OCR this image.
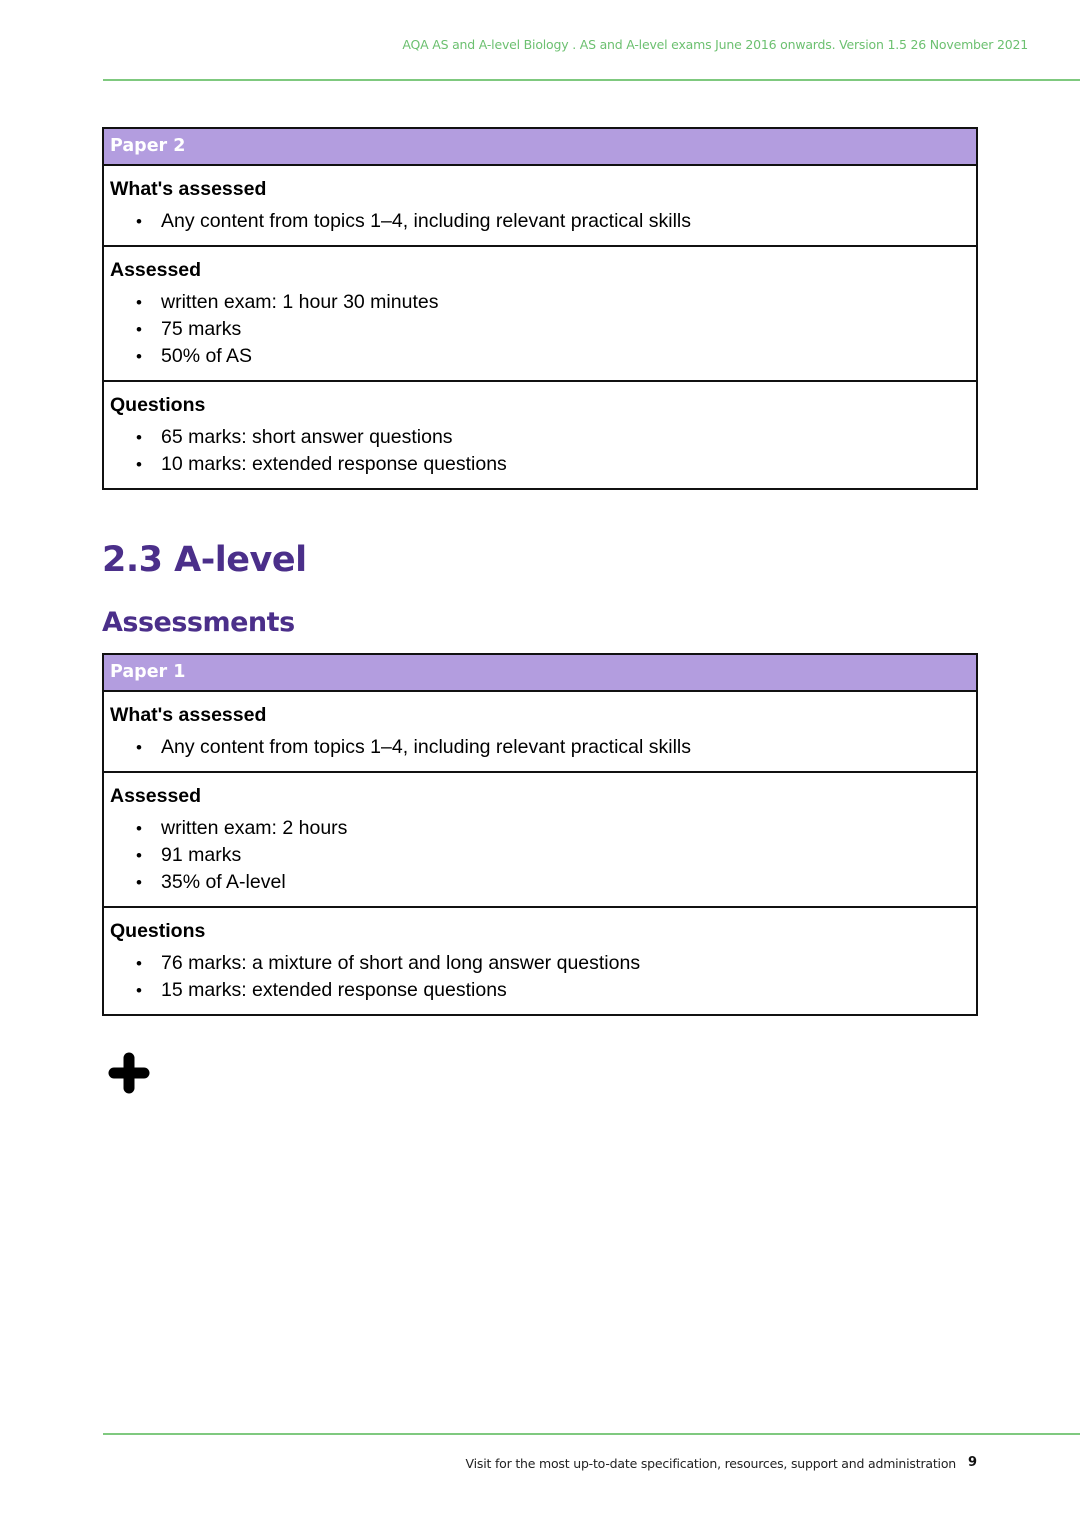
AQA AS and A-level Biology . AS and A-level exams June 2016 onwards. Version 1.5 26 November 2021
Paper 2
What's assessed
• Any content from topics 1–4, including relevant practical skills
Assessed
• written exam: 1 hour 30 minutes
• 75 marks
• 50% of AS
Questions
• 65 marks: short answer questions
• 10 marks: extended response questions
2.3 A-level
Assessments
Paper 1
What's assessed
• Any content from topics 1–4, including relevant practical skills
Assessed
• written exam: 2 hours
• 91 marks
• 35% of A-level
Questions
• 76 marks: a mixture of short and long answer questions
• 15 marks: extended response questions
Visit for the most up-to-date specification, resources, support and administration 9
